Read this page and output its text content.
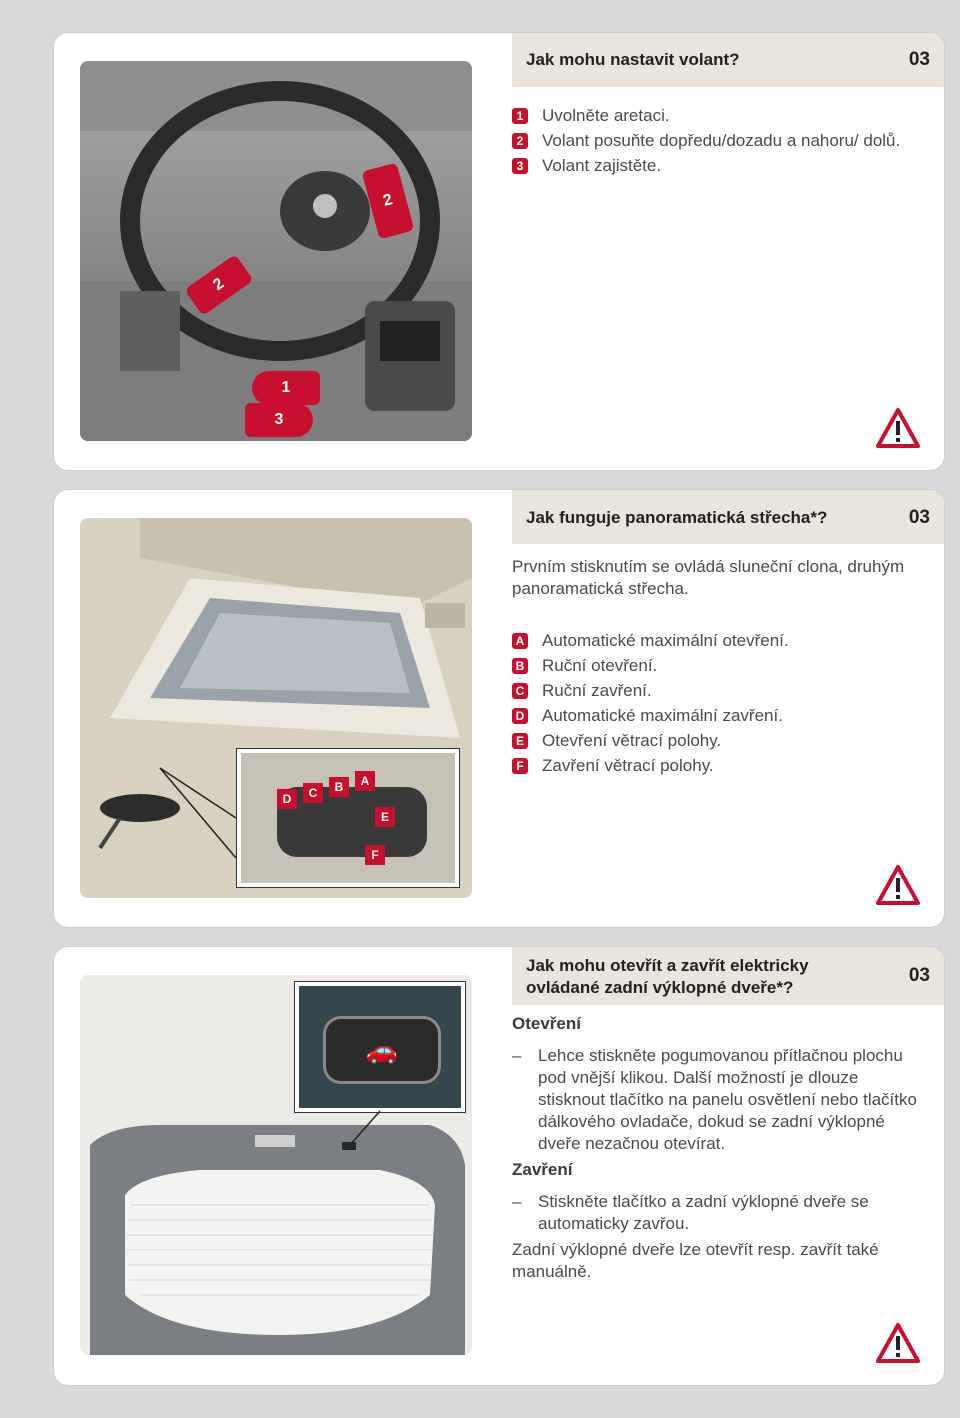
2
2
1
3
Jak mohu nastavit volant?	03
1 Uvolněte aretaci.
2 Volant posuňte dopředu/dozadu a nahoru/ dolů.
3 Volant zajistěte.
D	C	B	A
E
F
Jak funguje panoramatická střecha*?	03
Prvním stisknutím se ovládá sluneční clona, druhým panoramatická střecha.
A Automatické maximální otevření.
B Ruční otevření.
C Ruční zavření.
D Automatické maximální zavření.
E Otevření větrací polohy.
F Zavření větrací polohy.
🚗
Jak mohu otevřít a zavřít elektricky ovládané zadní výklopné dveře*?
03
Otevření
– Lehce stiskněte pogumovanou přítlačnou plochu pod vnější klikou. Další možností je dlouze stisknout tlačítko na panelu osvětlení nebo tlačítko dálkového ovladače, dokud se zadní výklopné dveře nezačnou otevírat.
Zavření
– Stiskněte tlačítko a zadní výklopné dveře se automaticky zavřou.
Zadní výklopné dveře lze otevřít resp. zavřít také manuálně.
